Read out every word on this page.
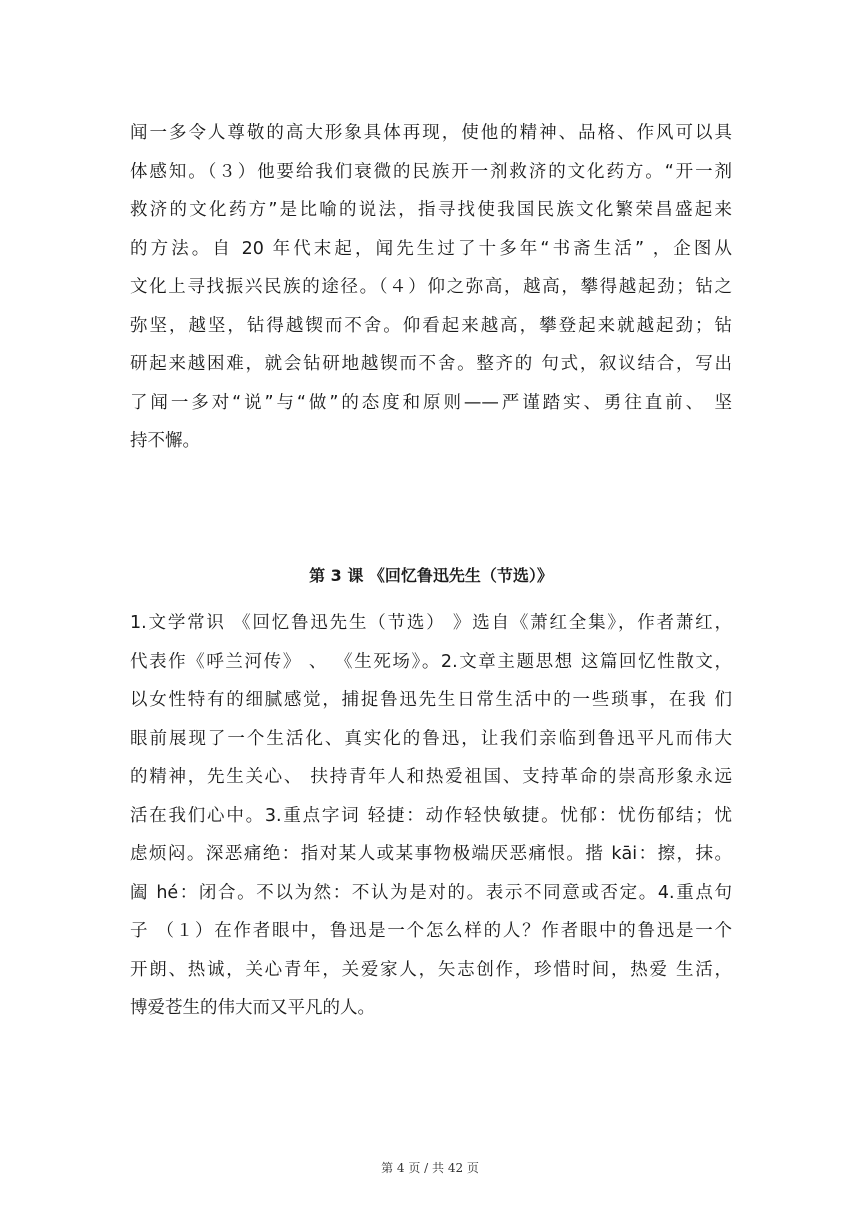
闻一多令人尊敬的高大形象具体再现，使他的精神、品格、作风可以具
体感知。（３）他要给我们衰微的民族开一剂救济的文化药方。“开一剂
救济的文化药方”是比喻的说法，指寻找使我国民族文化繁荣昌盛起来
的方法。自 20 年代末起，闻先生过了十多年“书斋生活” ，企图从
文化上寻找振兴民族的途径。（４）仰之弥高，越高，攀得越起劲；钻之
弥坚，越坚，钻得越锲而不舍。仰看起来越高，攀登起来就越起劲；钻
研起来越困难，就会钻研地越锲而不舍。整齐的 句式，叙议结合，写出
了闻一多对“说”与“做”的态度和原则——严谨踏实、勇往直前、 坚
持不懈。
第 3 课 《回忆鲁迅先生（节选）》
1.文学常识 《回忆鲁迅先生（节选） 》选自《萧红全集》，作者萧红，
代表作《呼兰河传》 、 《生死场》。2.文章主题思想 这篇回忆性散文，
以女性特有的细腻感觉，捕捉鲁迅先生日常生活中的一些琐事，在我 们
眼前展现了一个生活化、真实化的鲁迅，让我们亲临到鲁迅平凡而伟大
的精神，先生关心、 扶持青年人和热爱祖国、支持革命的崇高形象永远
活在我们心中。3.重点字词 轻捷：动作轻快敏捷。忧郁：忧伤郁结；忧
虑烦闷。深恶痛绝：指对某人或某事物极端厌恶痛恨。揩 kāi：擦，抹。
阖 hé：闭合。不以为然：不认为是对的。表示不同意或否定。4.重点句
子 （１）在作者眼中，鲁迅是一个怎么样的人？作者眼中的鲁迅是一个
开朗、热诚，关心青年，关爱家人，矢志创作，珍惜时间，热爱 生活，
博爱苍生的伟大而又平凡的人。
第 4 页 / 共 42 页
